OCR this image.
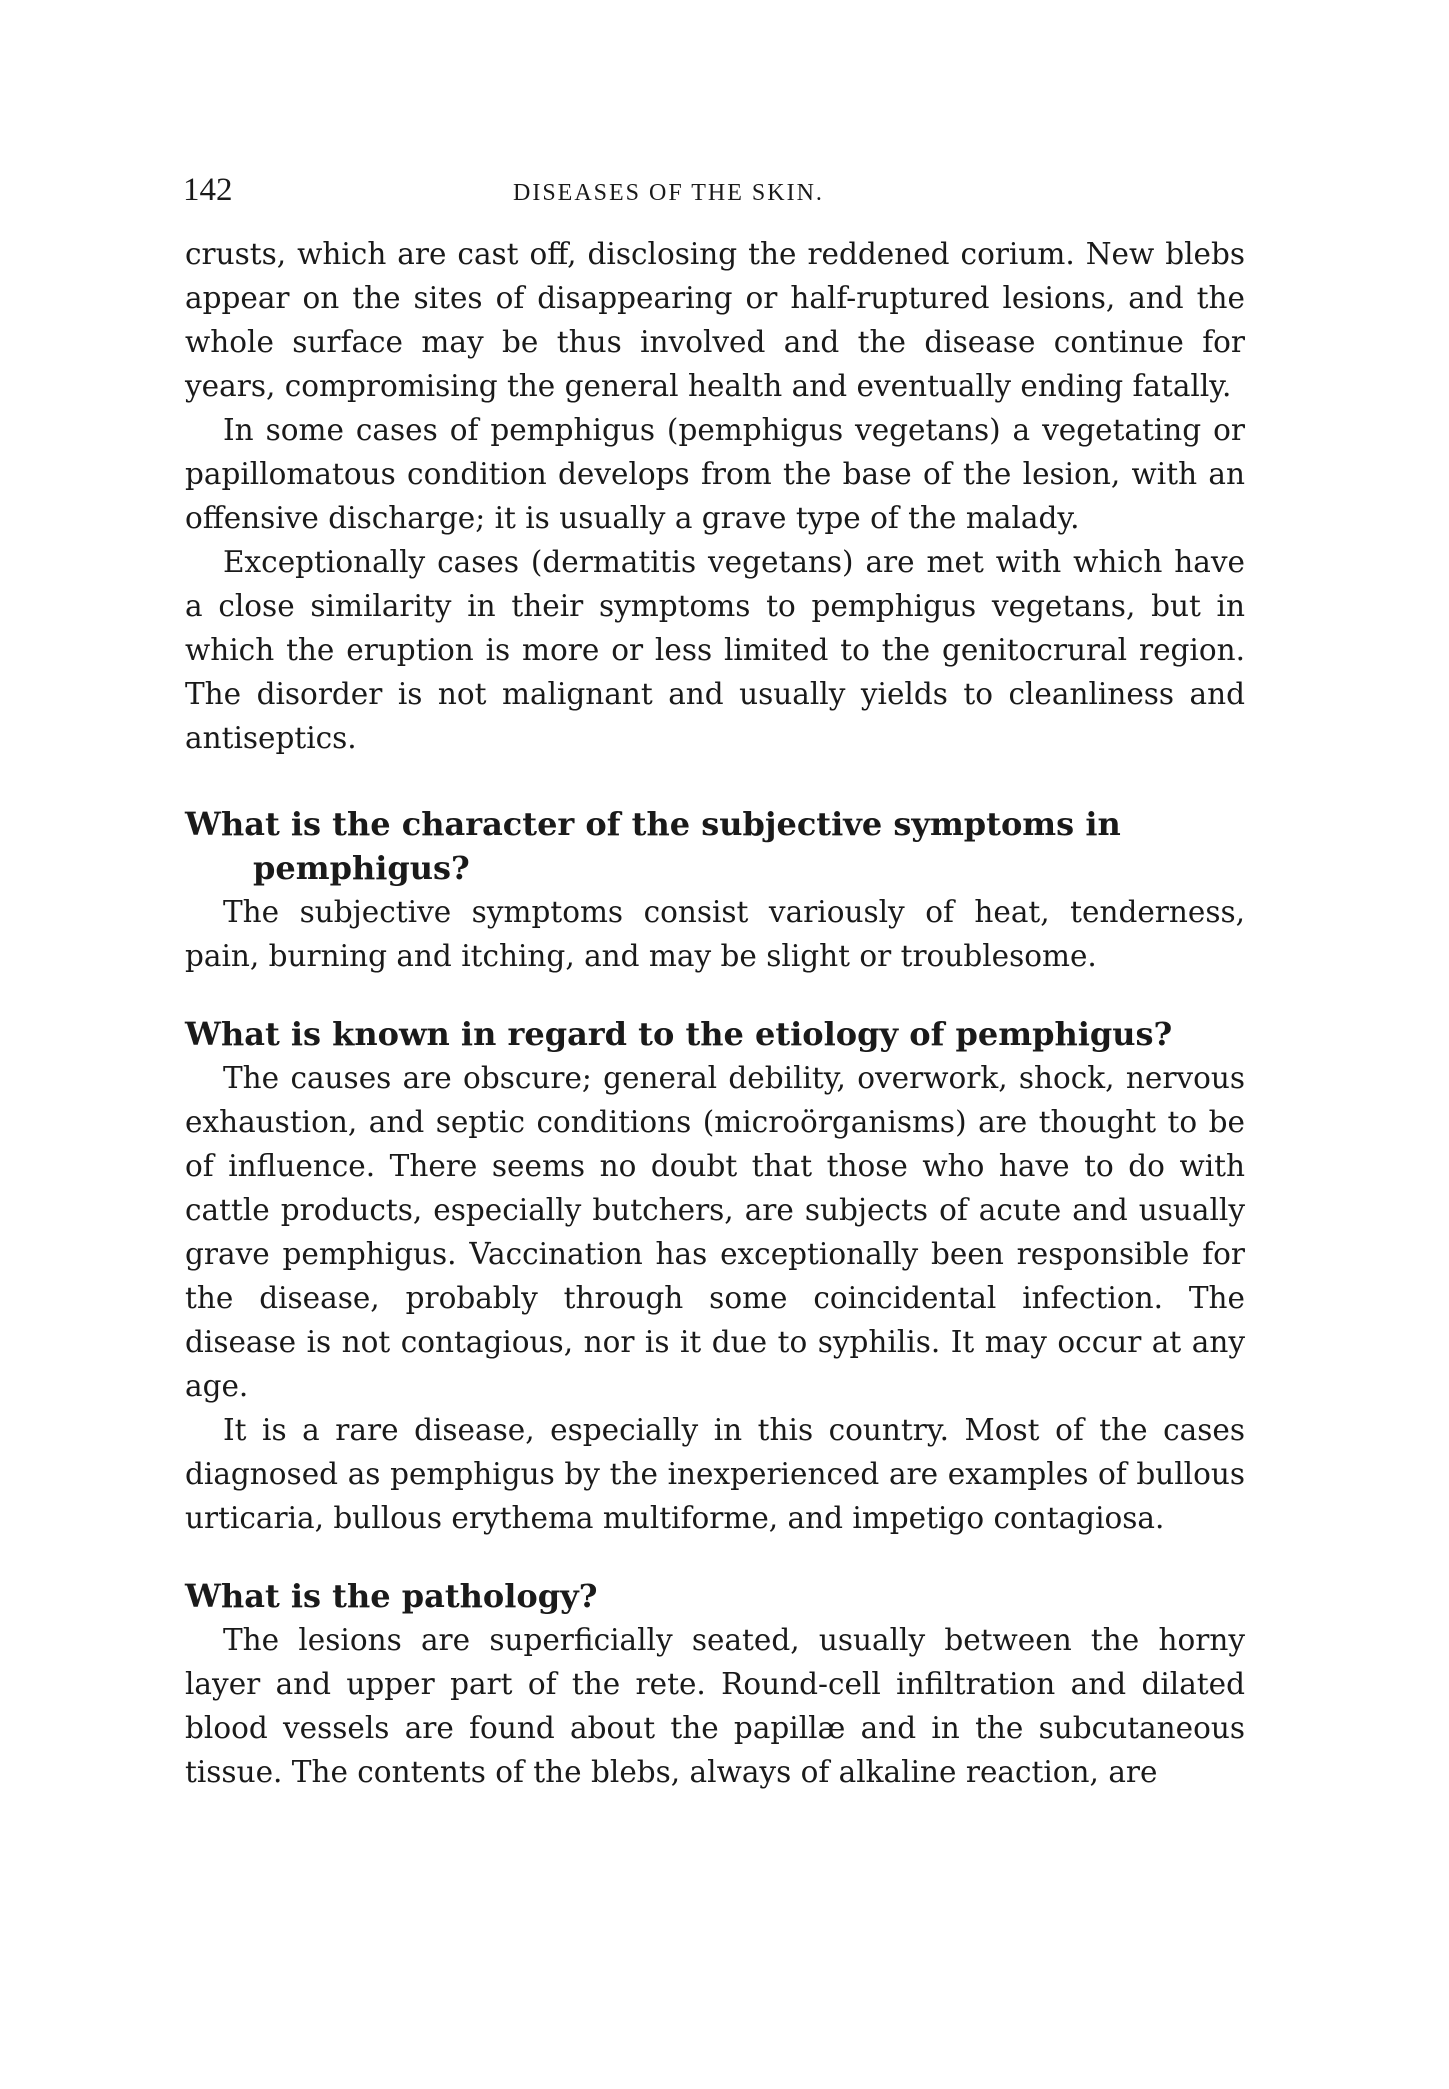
142	DISEASES OF THE SKIN.

crusts, which are cast off, disclosing the reddened corium. New blebs appear on the sites of disappearing or half-ruptured lesions, and the whole surface may be thus involved and the disease continue for years, compromising the general health and eventually ending fatally.

In some cases of pemphigus (pemphigus vegetans) a vegetating or papillomatous condition develops from the base of the lesion, with an offensive discharge; it is usually a grave type of the malady.

Exceptionally cases (dermatitis vegetans) are met with which have a close similarity in their symptoms to pemphigus vegetans, but in which the eruption is more or less limited to the genitocrural region. The disorder is not malignant and usually yields to cleanliness and antiseptics.

What is the character of the subjective symptoms in pemphigus?

The subjective symptoms consist variously of heat, tenderness, pain, burning and itching, and may be slight or troublesome.

What is known in regard to the etiology of pemphigus?

The causes are obscure; general debility, overwork, shock, nervous exhaustion, and septic conditions (microörganisms) are thought to be of influence. There seems no doubt that those who have to do with cattle products, especially butchers, are subjects of acute and usually grave pemphigus. Vaccination has exceptionally been responsible for the disease, probably through some coincidental infection. The disease is not contagious, nor is it due to syphilis. It may occur at any age.

It is a rare disease, especially in this country. Most of the cases diagnosed as pemphigus by the inexperienced are examples of bullous urticaria, bullous erythema multiforme, and impetigo contagiosa.

What is the pathology?

The lesions are superficially seated, usually between the horny layer and upper part of the rete. Round-cell infiltration and dilated blood vessels are found about the papillæ and in the subcutaneous tissue. The contents of the blebs, always of alkaline reaction, are
